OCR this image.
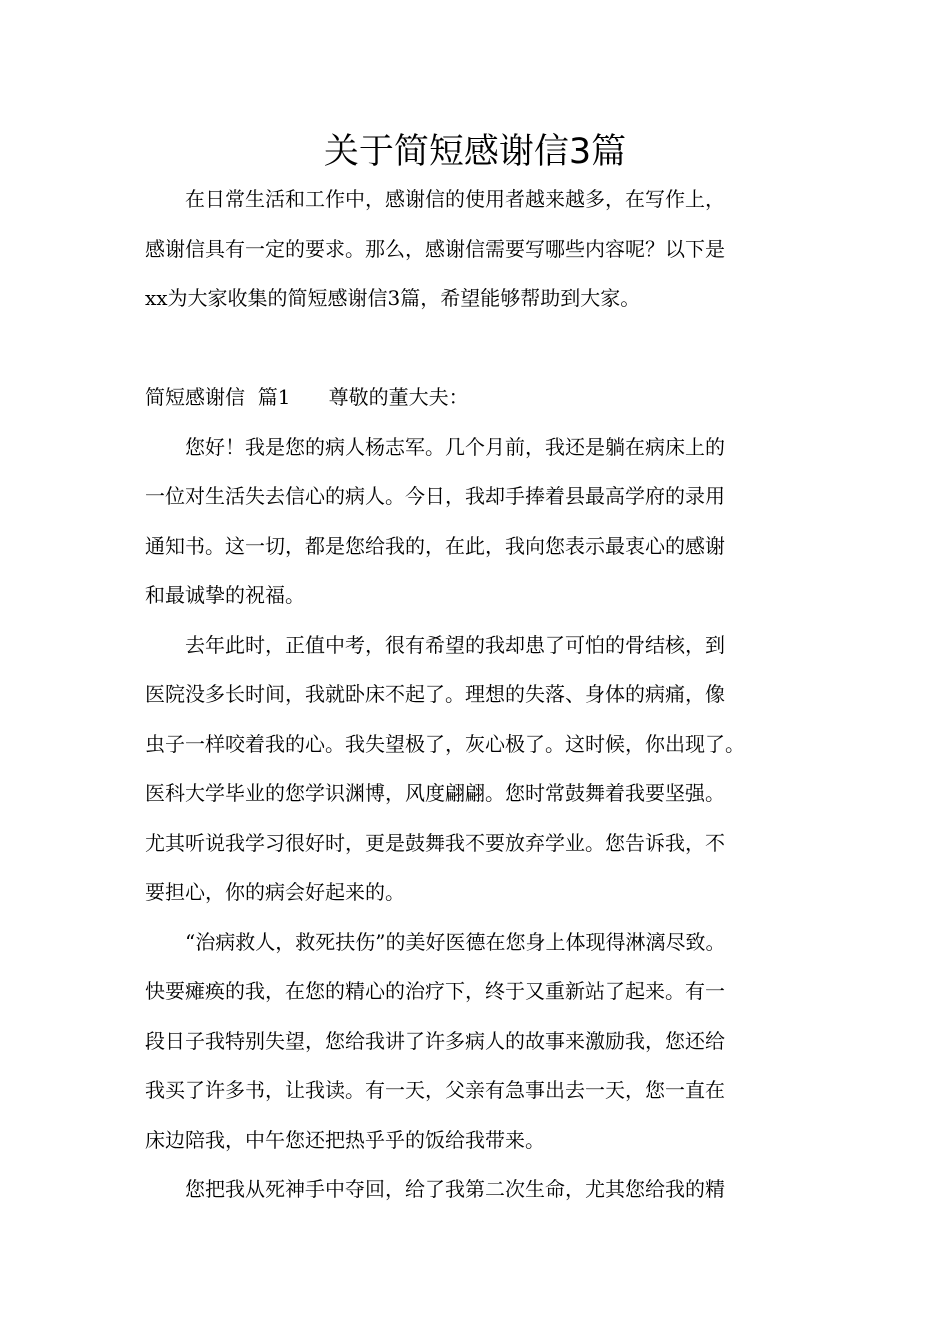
关于简短感谢信3篇
在日常生活和工作中，感谢信的使用者越来越多，在写作上，
感谢信具有一定的要求。那么，感谢信需要写哪些内容呢？以下是
xx为大家收集的简短感谢信3篇，希望能够帮助到大家。
简短感谢信  篇1      尊敬的董大夫：
您好！我是您的病人杨志军。几个月前，我还是躺在病床上的
一位对生活失去信心的病人。今日，我却手捧着县最高学府的录用
通知书。这一切，都是您给我的，在此，我向您表示最衷心的感谢
和最诚挚的祝福。
去年此时，正值中考，很有希望的我却患了可怕的骨结核，到
医院没多长时间，我就卧床不起了。理想的失落、身体的病痛，像
虫子一样咬着我的心。我失望极了，灰心极了。这时候，你出现了。
医科大学毕业的您学识渊博，风度翩翩。您时常鼓舞着我要坚强。
尤其听说我学习很好时，更是鼓舞我不要放弃学业。您告诉我，不
要担心，你的病会好起来的。
“治病救人，救死扶伤”的美好医德在您身上体现得淋漓尽致。
快要瘫痪的我，在您的精心的治疗下，终于又重新站了起来。有一
段日子我特别失望，您给我讲了许多病人的故事来激励我，您还给
我买了许多书，让我读。有一天，父亲有急事出去一天，您一直在
床边陪我，中午您还把热乎乎的饭给我带来。
您把我从死神手中夺回，给了我第二次生命，尤其您给我的精
